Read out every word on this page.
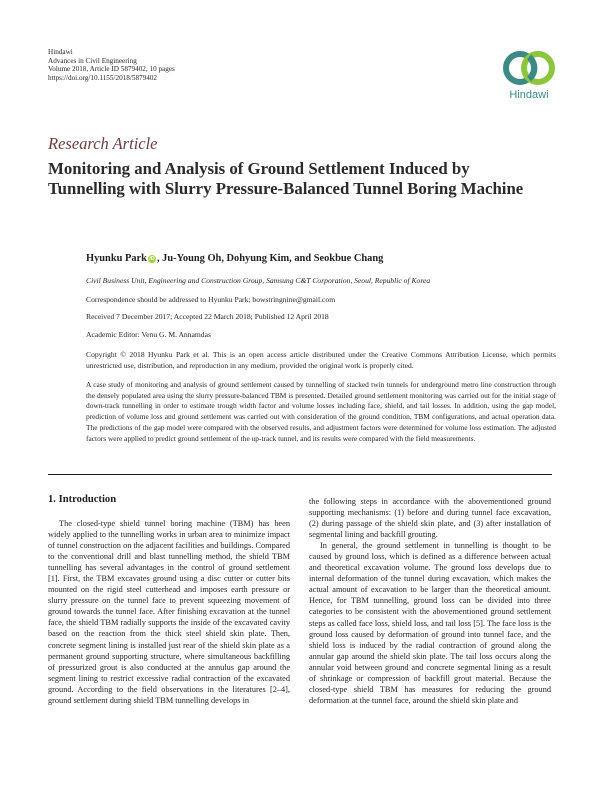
Hindawi
Advances in Civil Engineering
Volume 2018, Article ID 5879402, 10 pages
https://doi.org/10.1155/2018/5879402
Hindawi
Research Article
Monitoring and Analysis of Ground Settlement Induced by Tunnelling with Slurry Pressure-Balanced Tunnel Boring Machine
Hyunku Park iD , Ju-Young Oh, Dohyung Kim, and Seokbue Chang
Civil Business Unit, Engineering and Construction Group, Samsung C&T Corporation, Seoul, Republic of Korea
Correspondence should be addressed to Hyunku Park; bowstringnine@gmail.com
Received 7 December 2017; Accepted 22 March 2018; Published 12 April 2018
Academic Editor: Venu G. M. Annamdas
Copyright © 2018 Hyunku Park et al. This is an open access article distributed under the Creative Commons Attribution License, which permits unrestricted use, distribution, and reproduction in any medium, provided the original work is properly cited.
A case study of monitoring and analysis of ground settlement caused by tunnelling of stacked twin tunnels for underground metro line construction through the densely populated area using the slurry pressure-balanced TBM is presented. Detailed ground settlement monitoring was carried out for the initial stage of down-track tunnelling in order to estimate trough width factor and volume losses including face, shield, and tail losses. In addition, using the gap model, prediction of volume loss and ground settlement was carried out with consideration of the ground condition, TBM configurations, and actual operation data. The predictions of the gap model were compared with the observed results, and adjustment factors were determined for volume loss estimation. The adjusted factors were applied to predict ground settlement of the up-track tunnel, and its results were compared with the field measurements.
1. Introduction

The closed-type shield tunnel boring machine (TBM) has been widely applied to the tunnelling works in urban area to minimize impact of tunnel construction on the adjacent facilities and buildings. Compared to the conventional drill and blast tunnelling method, the shield TBM tunnelling has several advantages in the control of ground settlement [1]. First, the TBM excavates ground using a disc cutter or cutter bits mounted on the rigid steel cutterhead and imposes earth pressure or slurry pressure on the tunnel face to prevent squeezing movement of ground towards the tunnel face. After finishing excavation at the tunnel face, the shield TBM radially supports the inside of the excavated cavity based on the reaction from the thick steel shield skin plate. Then, concrete segment lining is installed just rear of the shield skin plate as a permanent ground supporting structure, where simultaneous backfilling of pressurized grout is also conducted at the annulus gap around the segment lining to restrict excessive radial contraction of the excavated ground. According to the field observations in the literatures [2–4], ground settlement during shield TBM tunnelling develops in

the following steps in accordance with the abovementioned ground supporting mechanisms: (1) before and during tunnel face excavation, (2) during passage of the shield skin plate, and (3) after installation of segmental lining and backfill grouting.

In general, the ground settlement in tunnelling is thought to be caused by ground loss, which is defined as a difference between actual and theoretical excavation volume. The ground loss develops due to internal deformation of the tunnel during excavation, which makes the actual amount of excavation to be larger than the theoretical amount. Hence, for TBM tunnelling, ground loss can be divided into three categories to be consistent with the abovementioned ground settlement steps as called face loss, shield loss, and tail loss [5]. The face loss is the ground loss caused by deformation of ground into tunnel face, and the shield loss is induced by the radial contraction of ground along the annular gap around the shield skin plate. The tail loss occurs along the annular void between ground and concrete segmental lining as a result of shrinkage or compression of backfill grout material. Because the closed-type shield TBM has measures for reducing the ground deformation at the tunnel face, around the shield skin plate and
